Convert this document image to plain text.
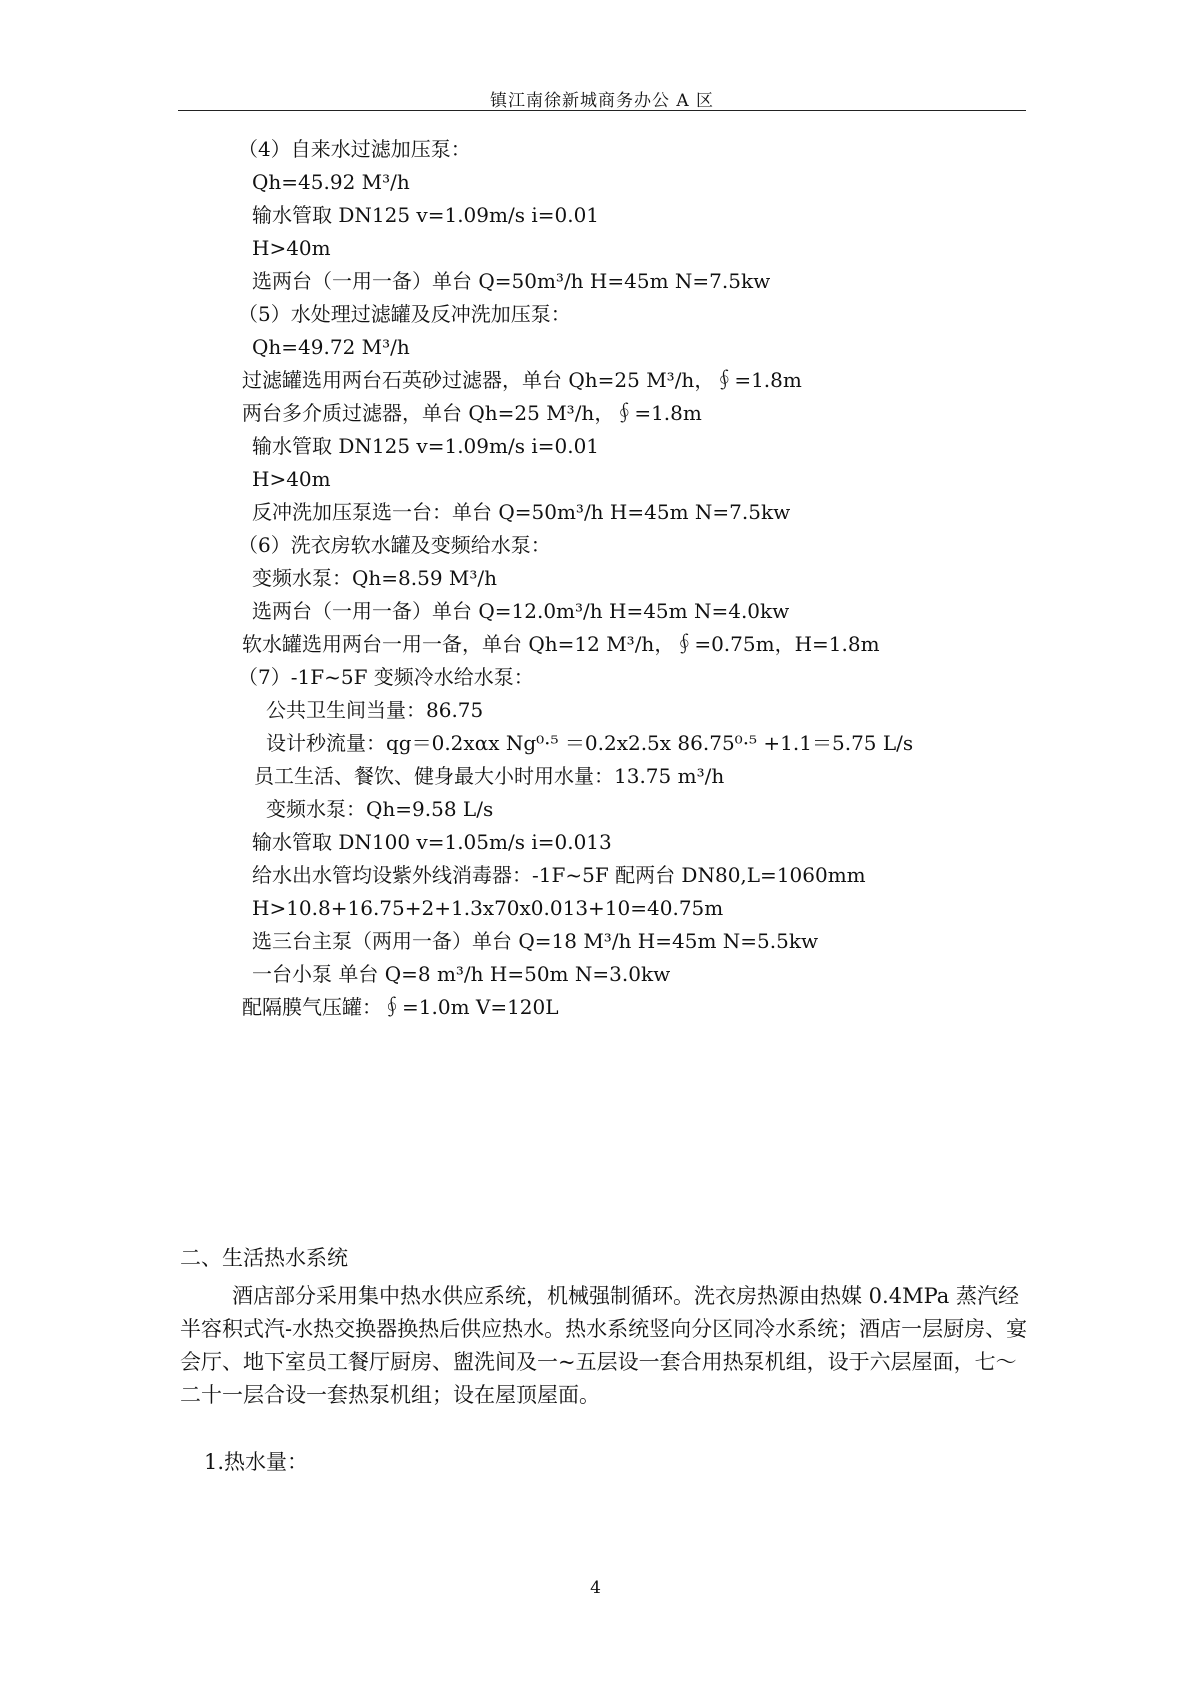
镇江南徐新城商务办公 A 区
（4）自来水过滤加压泵：
Qh=45.92 M³/h
输水管取 DN125 v=1.09m/s i=0.01
H>40m
选两台（一用一备）单台 Q=50m³/h H=45m N=7.5kw
（5）水处理过滤罐及反冲洗加压泵：
Qh=49.72 M³/h
过滤罐选用两台石英砂过滤器，单台 Qh=25 M³/h，∮=1.8m
两台多介质过滤器，单台 Qh=25 M³/h，∮=1.8m
输水管取 DN125 v=1.09m/s i=0.01
H>40m
反冲洗加压泵选一台：单台 Q=50m³/h H=45m N=7.5kw
（6）洗衣房软水罐及变频给水泵：
变频水泵：Qh=8.59 M³/h
选两台（一用一备）单台 Q=12.0m³/h H=45m N=4.0kw
软水罐选用两台一用一备，单台 Qh=12 M³/h，∮=0.75m，H=1.8m
（7）-1F~5F 变频冷水给水泵：
公共卫生间当量：86.75
设计秒流量：qg＝0.2xαx Ng⁰·⁵ ＝0.2x2.5x 86.75⁰·⁵ +1.1＝5.75 L/s
员工生活、餐饮、健身最大小时用水量：13.75 m³/h
变频水泵：Qh=9.58 L/s
输水管取 DN100 v=1.05m/s i=0.013
给水出水管均设紫外线消毒器：-1F~5F 配两台 DN80,L=1060mm
H>10.8+16.75+2+1.3x70x0.013+10=40.75m
选三台主泵（两用一备）单台 Q=18 M³/h H=45m N=5.5kw
一台小泵 单台 Q=8 m³/h H=50m N=3.0kw
配隔膜气压罐：∮=1.0m V=120L
二、生活热水系统
酒店部分采用集中热水供应系统，机械强制循环。洗衣房热源由热媒 0.4MPa 蒸汽经半容积式汽-水热交换器换热后供应热水。热水系统竖向分区同冷水系统；酒店一层厨房、宴会厅、地下室员工餐厅厨房、盥洗间及一~五层设一套合用热泵机组，设于六层屋面，七～二十一层合设一套热泵机组；设在屋顶屋面。
1.热水量：
4
